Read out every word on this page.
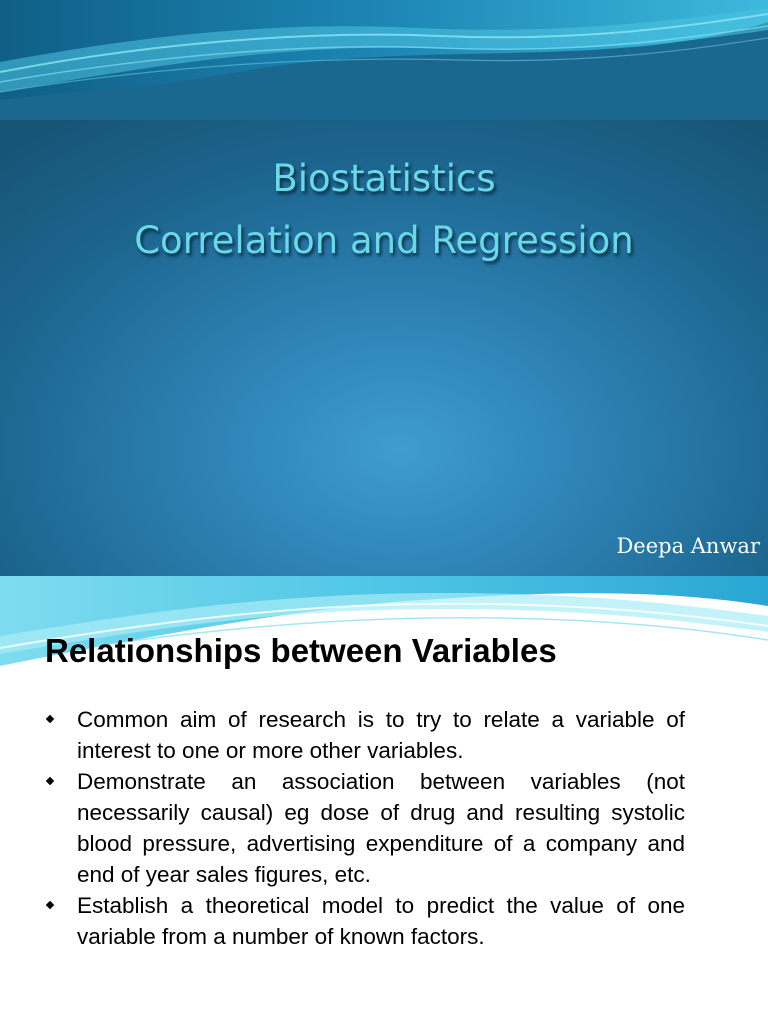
Biostatistics
Correlation and Regression
Deepa Anwar
Relationships between Variables
Common aim of research is to try to relate a variable of interest to one or more other variables.
Demonstrate an association between variables (not necessarily causal) eg dose of drug and resulting systolic blood pressure, advertising expenditure of a company and end of year sales figures, etc.
Establish a theoretical model to predict the value of one variable from a number of known factors.
